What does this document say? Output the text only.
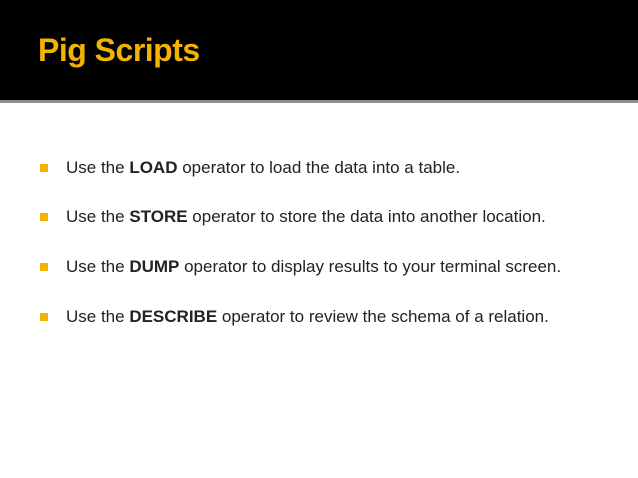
Pig Scripts
Use the LOAD operator to load the data into a table.
Use the STORE operator to store the data into another location.
Use the DUMP operator to display results to your terminal screen.
Use the DESCRIBE operator to review the schema of a relation.
